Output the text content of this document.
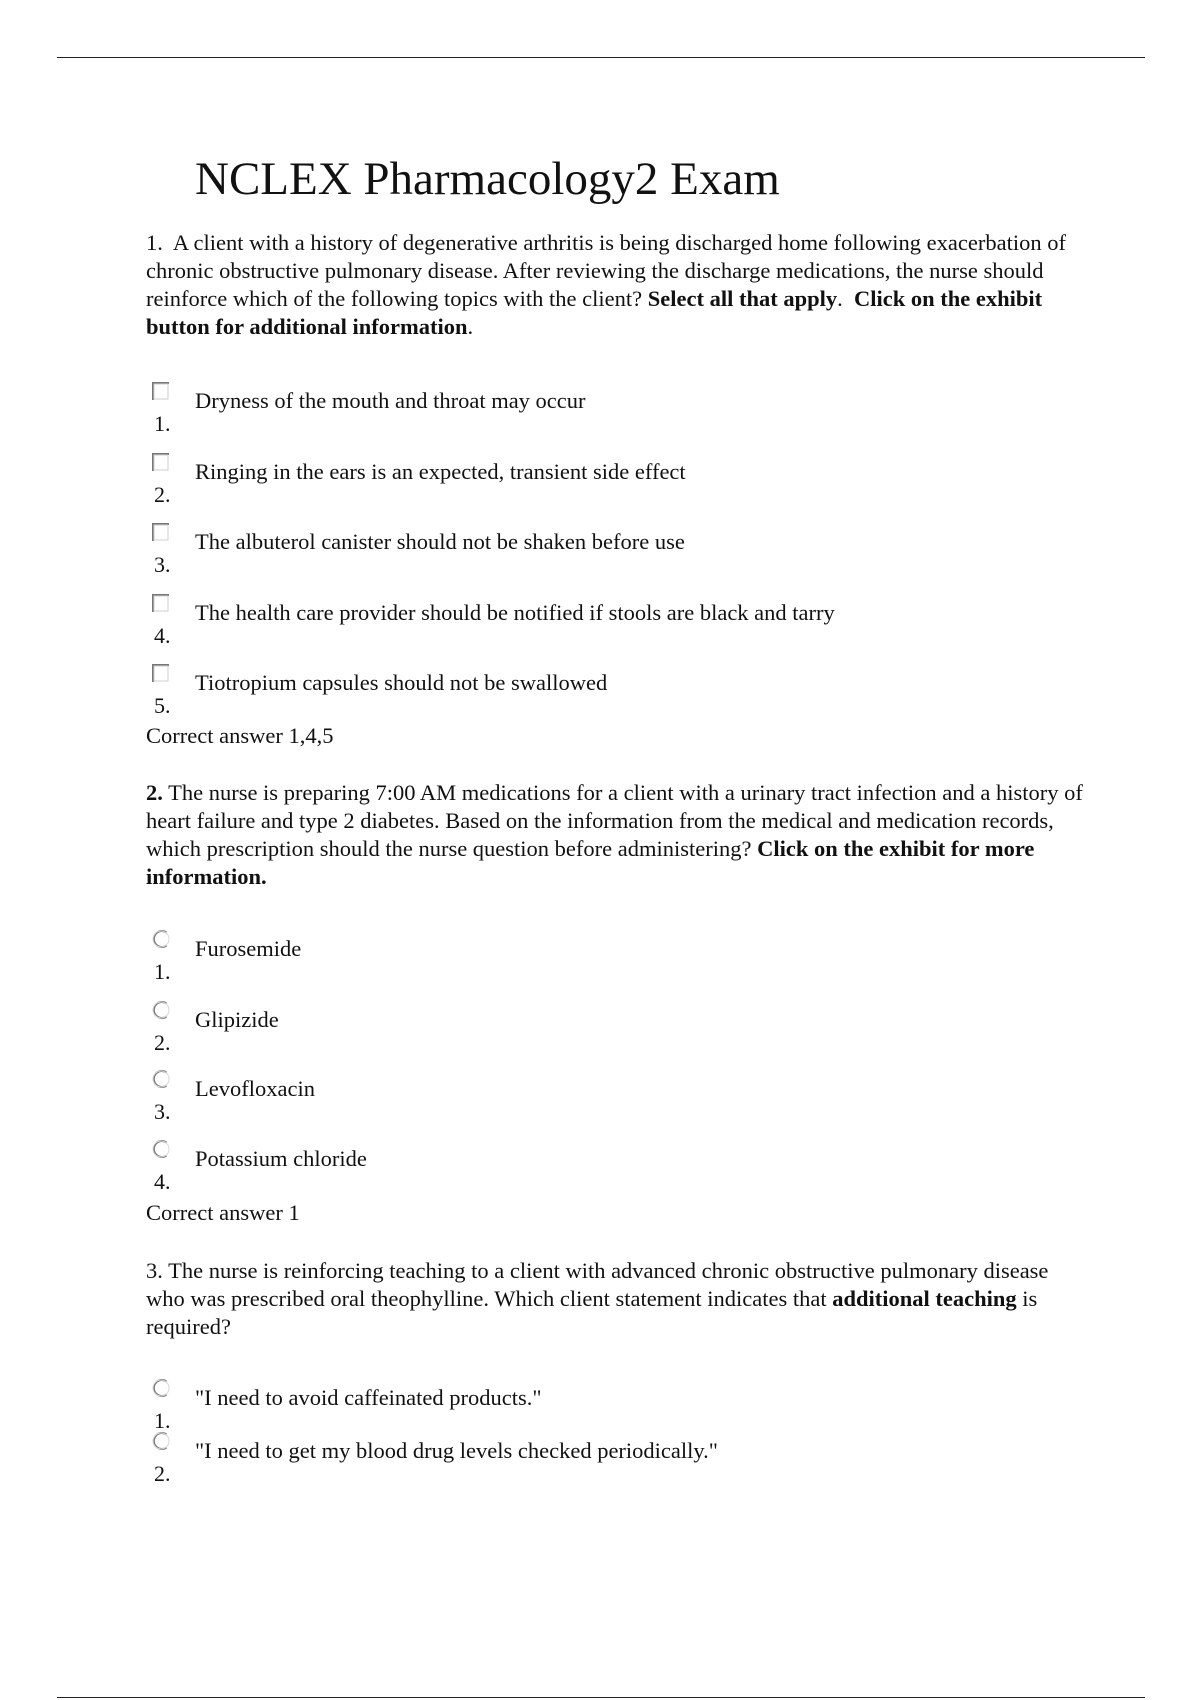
NCLEX Pharmacology2 Exam

1. A client with a history of degenerative arthritis is being discharged home following exacerbation of chronic obstructive pulmonary disease. After reviewing the discharge medications, the nurse should reinforce which of the following topics with the client? Select all that apply.  Click on the exhibit button for additional information.

1.
Dryness of the mouth and throat may occur
2.
Ringing in the ears is an expected, transient side effect
3.
The albuterol canister should not be shaken before use
4.
The health care provider should be notified if stools are black and tarry
5.
Tiotropium capsules should not be swallowed

Correct answer 1,4,5

2. The nurse is preparing 7:00 AM medications for a client with a urinary tract infection and a history of heart failure and type 2 diabetes. Based on the information from the medical and medication records, which prescription should the nurse question before administering? Click on the exhibit for more information.

1.
Furosemide
2.
Glipizide
3.
Levofloxacin
4.
Potassium chloride

Correct answer 1

3. The nurse is reinforcing teaching to a client with advanced chronic obstructive pulmonary disease who was prescribed oral theophylline. Which client statement indicates that additional teaching is required?

1.
"I need to avoid caffeinated products."
2.
"I need to get my blood drug levels checked periodically."
